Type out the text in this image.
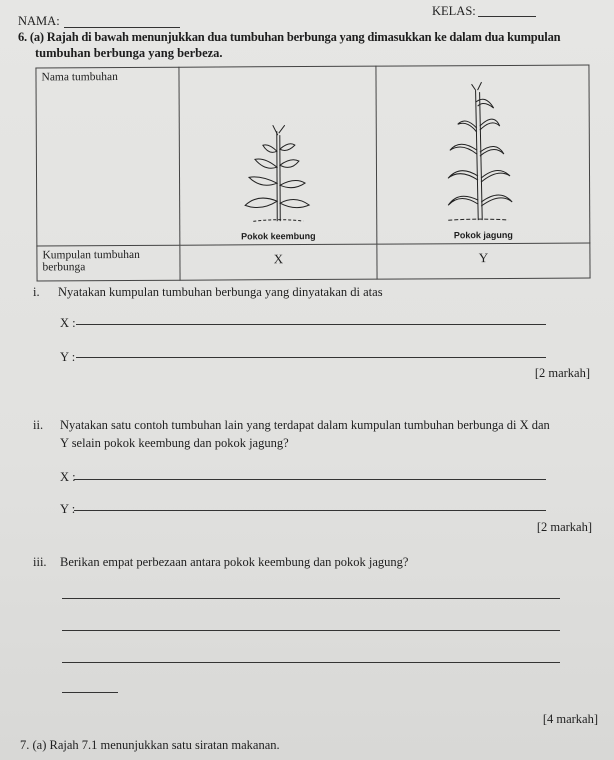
KELAS:
NAMA:
6. (a) Rajah di bawah menunjukkan dua tumbuhan berbunga yang dimasukkan ke dalam dua kumpulan
tumbuhan berbunga yang berbeza.
Nama tumbuhan	Pokok keembung	Pokok jagung

Kumpulan tumbuhan berbunga	X	Y
i. Nyatakan kumpulan tumbuhan berbunga yang dinyatakan di atas
X :
Y :
[2 markah]
ii. Nyatakan satu contoh tumbuhan lain yang terdapat dalam kumpulan tumbuhan berbunga di X dan
Y selain pokok keembung dan pokok jagung?
X :
Y :
[2 markah]
iii. Berikan empat perbezaan antara pokok keembung dan pokok jagung?
[4 markah]
7. (a) Rajah 7.1 menunjukkan satu siratan makanan.
